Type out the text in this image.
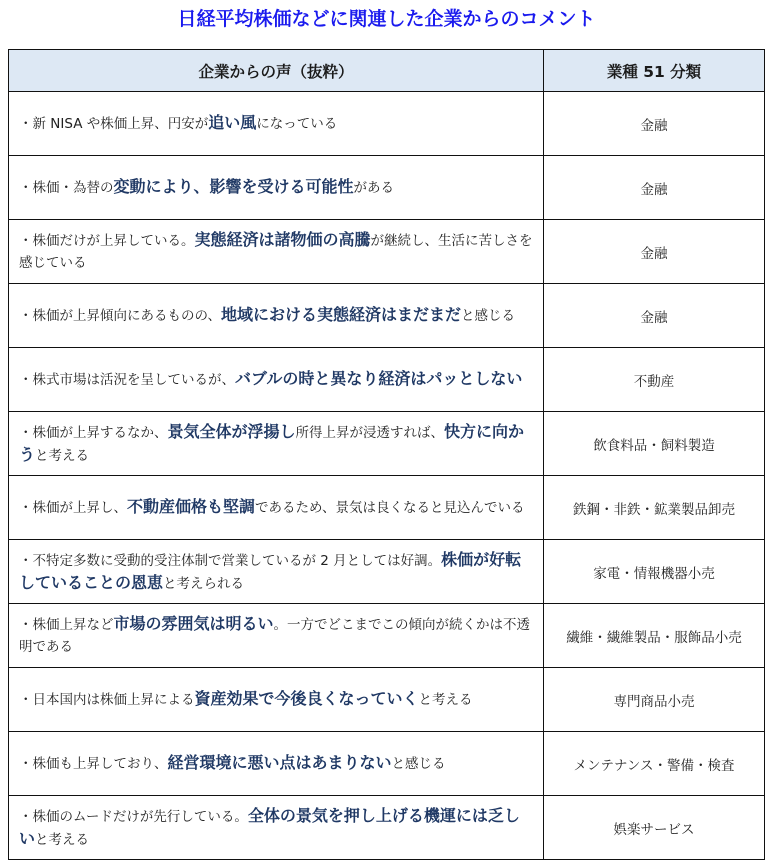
日経平均株価などに関連した企業からのコメント
企業からの声（抜粋）	業種 51 分類
・新 NISA や株価上昇、円安が追い風になっている	金融
・株価・為替の変動により、影響を受ける可能性がある	金融
・株価だけが上昇している。実態経済は諸物価の高騰が継続し、生活に苦しさを感じている	金融
・株価が上昇傾向にあるものの、地域における実態経済はまだまだと感じる	金融
・株式市場は活況を呈しているが、バブルの時と異なり経済はパッとしない	不動産
・株価が上昇するなか、景気全体が浮揚し所得上昇が浸透すれば、快方に向かうと考える	飲食料品・飼料製造
・株価が上昇し、不動産価格も堅調であるため、景気は良くなると見込んでいる	鉄鋼・非鉄・鉱業製品卸売
・不特定多数に受動的受注体制で営業しているが 2 月としては好調。株価が好転していることの恩恵と考えられる	家電・情報機器小売
・株価上昇など市場の雰囲気は明るい。一方でどこまでこの傾向が続くかは不透明である	繊維・繊維製品・服飾品小売
・日本国内は株価上昇による資産効果で今後良くなっていくと考える	専門商品小売
・株価も上昇しており、経営環境に悪い点はあまりないと感じる	メンテナンス・警備・検査
・株価のムードだけが先行している。全体の景気を押し上げる機運には乏しいと考える	娯楽サービス
